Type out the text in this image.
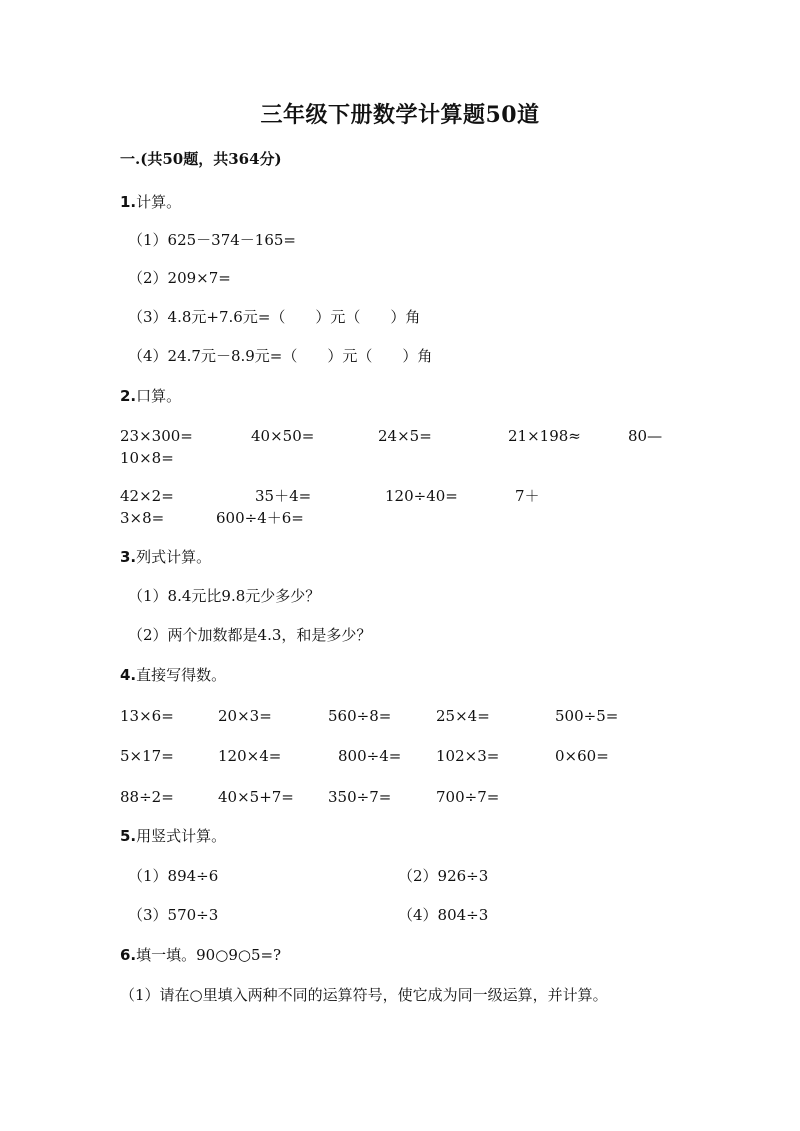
三年级下册数学计算题50道
一.(共50题，共364分)
1.计算。
（1）625－374－165=
（2）209×7=
（3）4.8元+7.6元=（　　）元（　　）角
（4）24.7元－8.9元=（　　）元（　　）角
2.口算。
23×300=	40×50=	24×5=	21×198≈	80—
10×8=
42×2=	35＋4=	120÷40=	7＋
3×8=	600÷4＋6=
3.列式计算。
（1）8.4元比9.8元少多少？
（2）两个加数都是4.3，和是多少？
4.直接写得数。
13×6=	20×3=	560÷8=	25×4=	500÷5=
5×17=	120×4=	800÷4= 102×3=	0×60=
88÷2=	40×5+7= 350÷7=	700÷7=
5.用竖式计算。
（1）894÷6	（2）926÷3
（3）570÷3	（4）804÷3
6.填一填。90○9○5=?
（1）请在○里填入两种不同的运算符号，使它成为同一级运算，并计算。
